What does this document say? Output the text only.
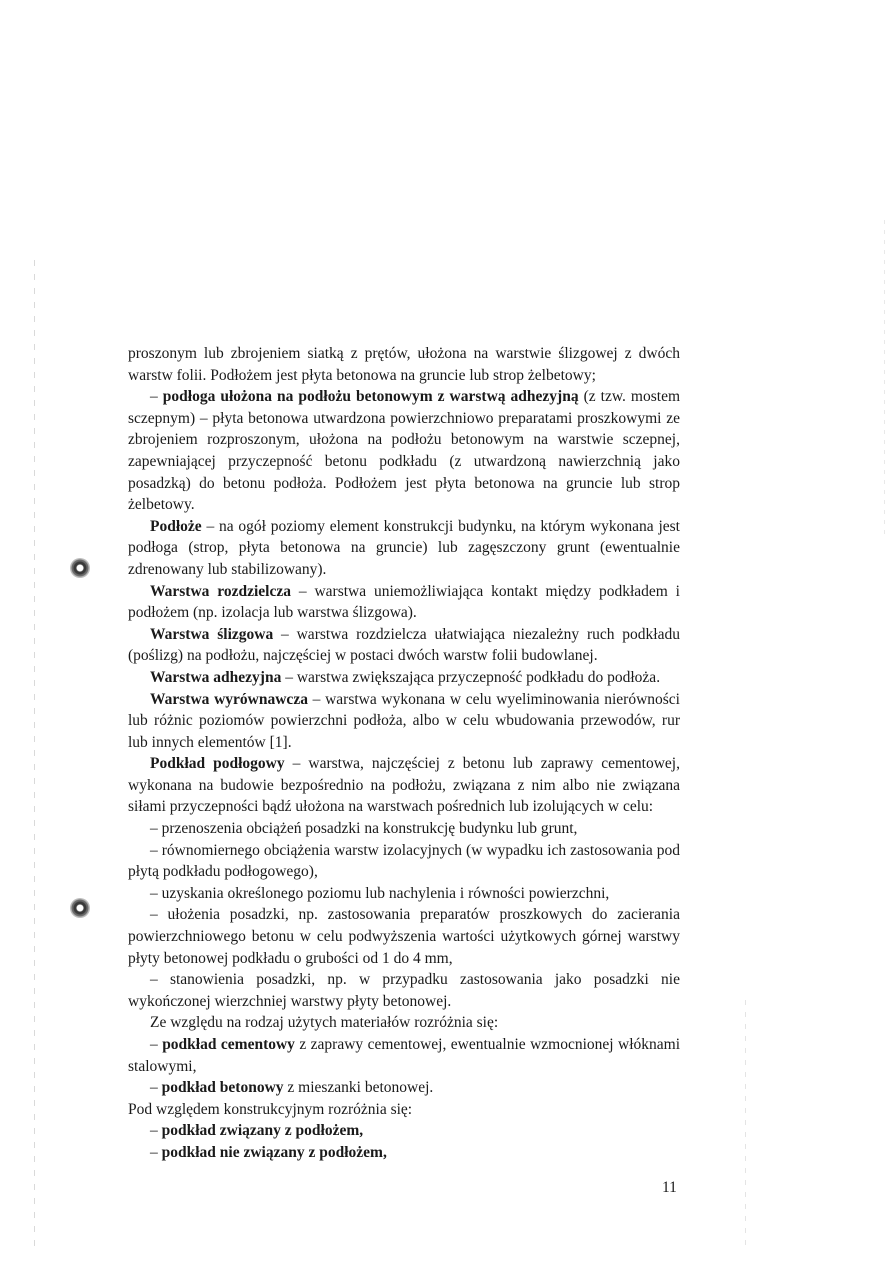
proszonym lub zbrojeniem siatką z prętów, ułożona na warstwie ślizgowej z dwóch warstw folii. Podłożem jest płyta betonowa na gruncie lub strop żelbetowy;

– podłoga ułożona na podłożu betonowym z warstwą adhezyjną (z tzw. mostem sczepnym) – płyta betonowa utwardzona powierzchniowo preparatami proszkowymi ze zbrojeniem rozproszonym, ułożona na podłożu betonowym na warstwie sczepnej, zapewniającej przyczepność betonu podkładu (z utwardzoną nawierzchnią jako posadzką) do betonu podłoża. Podłożem jest płyta betonowa na gruncie lub strop żelbetowy.

Podłoże – na ogół poziomy element konstrukcji budynku, na którym wykonana jest podłoga (strop, płyta betonowa na gruncie) lub zagęszczony grunt (ewentualnie zdrenowany lub stabilizowany).

Warstwa rozdzielcza – warstwa uniemożliwiająca kontakt między podkładem i podłożem (np. izolacja lub warstwa ślizgowa).

Warstwa ślizgowa – warstwa rozdzielcza ułatwiająca niezależny ruch podkładu (poślizg) na podłożu, najczęściej w postaci dwóch warstw folii budowlanej.

Warstwa adhezyjna – warstwa zwiększająca przyczepność podkładu do podłoża.

Warstwa wyrównawcza – warstwa wykonana w celu wyeliminowania nierówności lub różnic poziomów powierzchni podłoża, albo w celu wbudowania przewodów, rur lub innych elementów [1].

Podkład podłogowy – warstwa, najczęściej z betonu lub zaprawy cementowej, wykonana na budowie bezpośrednio na podłożu, związana z nim albo nie związana siłami przyczepności bądź ułożona na warstwach pośrednich lub izolujących w celu:

– przenoszenia obciążeń posadzki na konstrukcję budynku lub grunt,

– równomiernego obciążenia warstw izolacyjnych (w wypadku ich zastosowania pod płytą podkładu podłogowego),

– uzyskania określonego poziomu lub nachylenia i równości powierzchni,

– ułożenia posadzki, np. zastosowania preparatów proszkowych do zacierania powierzchniowego betonu w celu podwyższenia wartości użytkowych górnej warstwy płyty betonowej podkładu o grubości od 1 do 4 mm,

– stanowienia posadzki, np. w przypadku zastosowania jako posadzki nie wykończonej wierzchniej warstwy płyty betonowej.

Ze względu na rodzaj użytych materiałów rozróżnia się:

– podkład cementowy z zaprawy cementowej, ewentualnie wzmocnionej włóknami stalowymi,

– podkład betonowy z mieszanki betonowej.

Pod względem konstrukcyjnym rozróżnia się:

– podkład związany z podłożem,

– podkład nie związany z podłożem,

11
